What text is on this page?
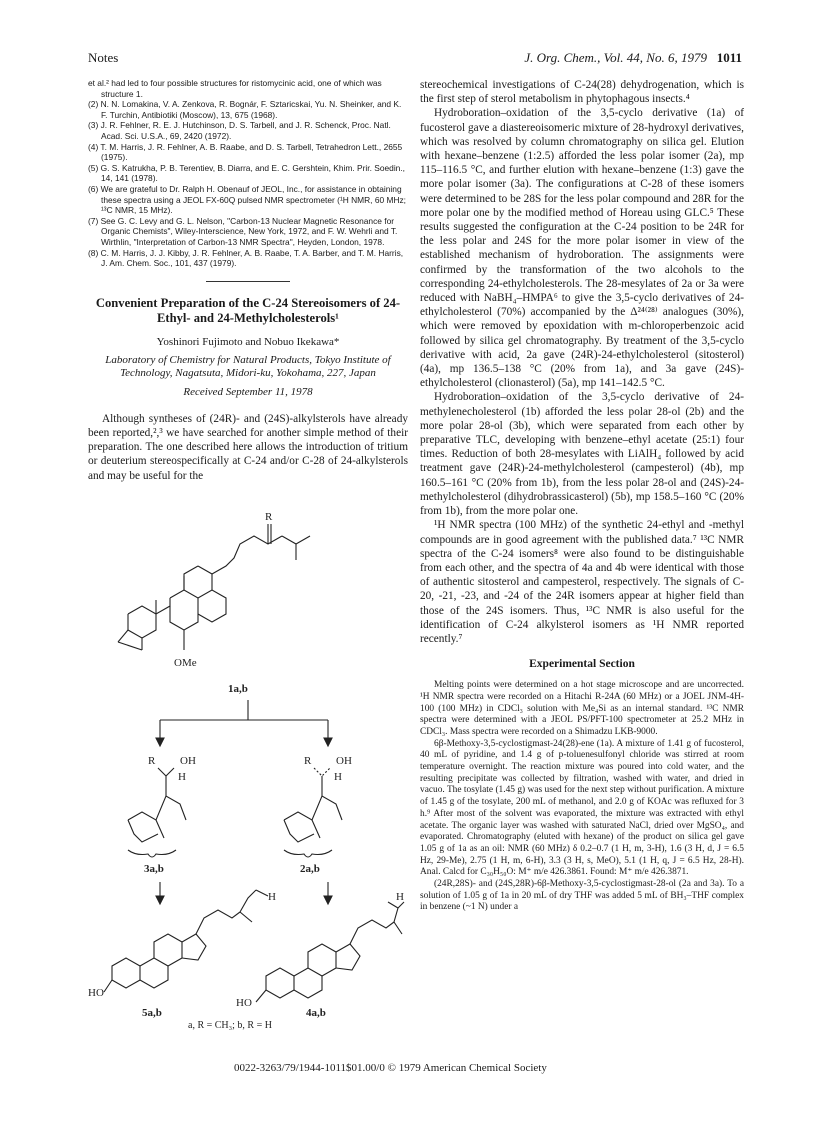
Notes	J. Org. Chem., Vol. 44, No. 6, 1979 1011
et al.² had led to four possible structures for ristomycinic acid, one of which was structure 1.
(2) N. N. Lomakina, V. A. Zenkova, R. Bognár, F. Sztaricskai, Yu. N. Sheinker, and K. F. Turchin, Antibiotiki (Moscow), 13, 675 (1968).
(3) J. R. Fehlner, R. E. J. Hutchinson, D. S. Tarbell, and J. R. Schenck, Proc. Natl. Acad. Sci. U.S.A., 69, 2420 (1972).
(4) T. M. Harris, J. R. Fehlner, A. B. Raabe, and D. S. Tarbell, Tetrahedron Lett., 2655 (1975).
(5) G. S. Katrukha, P. B. Terentiev, B. Diarra, and E. C. Gershtein, Khim. Prir. Soedin., 14, 141 (1978).
(6) We are grateful to Dr. Ralph H. Obenauf of JEOL, Inc., for assistance in obtaining these spectra using a JEOL FX-60Q pulsed NMR spectrometer (¹H NMR, 60 MHz; ¹³C NMR, 15 MHz).
(7) See G. C. Levy and G. L. Nelson, "Carbon-13 Nuclear Magnetic Resonance for Organic Chemists", Wiley-Interscience, New York, 1972, and F. W. Wehrli and T. Wirthlin, "Interpretation of Carbon-13 NMR Spectra", Heyden, London, 1978.
(8) C. M. Harris, J. J. Kibby, J. R. Fehlner, A. B. Raabe, T. A. Barber, and T. M. Harris, J. Am. Chem. Soc., 101, 437 (1979).
Convenient Preparation of the C-24 Stereoisomers of 24-Ethyl- and 24-Methylcholesterols¹
Yoshinori Fujimoto and Nobuo Ikekawa*
Laboratory of Chemistry for Natural Products, Tokyo Institute of Technology, Nagatsuta, Midori-ku, Yokohama, 227, Japan
Received September 11, 1978

Although syntheses of (24R)- and (24S)-alkylsterols have already been reported,²,³ we have searched for another simple method of their preparation. The one described here allows the introduction of tritium or deuterium stereospecifically at C-24 and/or C-28 of 24-alkylsterols and may be useful for the

R
OMe
1a,b
R OH
H
3a,b
R OH
H
2a,b
H
HO
5a,b
H
HO
4a,b
a, R = CH₃; b, R = H

stereochemical investigations of C-24(28) dehydrogenation, which is the first step of sterol metabolism in phytophagous insects.⁴

Hydroboration–oxidation of the 3,5-cyclo derivative (1a) of fucosterol gave a diastereoisomeric mixture of 28-hydroxyl derivatives, which was resolved by column chromatography on silica gel. Elution with hexane–benzene (1:2.5) afforded the less polar isomer (2a), mp 115–116.5 °C, and further elution with hexane–benzene (1:3) gave the more polar isomer (3a). The configurations at C-28 of these isomers were determined to be 28S for the less polar compound and 28R for the more polar one by the modified method of Horeau using GLC.⁵ These results suggested the configuration at the C-24 position to be 24R for the less polar and 24S for the more polar isomer in view of the established mechanism of hydroboration. The assignments were confirmed by the transformation of the two alcohols to the corresponding 24-ethylcholesterols. The 28-mesylates of 2a or 3a were reduced with NaBH₄–HMPA⁶ to give the 3,5-cyclo derivatives of 24-ethylcholesterol (70%) accompanied by the Δ²⁴⁽²⁸⁾ analogues (30%), which were removed by epoxidation with m-chloroperbenzoic acid followed by silica gel chromatography. By treatment of the 3,5-cyclo derivative with acid, 2a gave (24R)-24-ethylcholesterol (sitosterol) (4a), mp 136.5–138 °C (20% from 1a), and 3a gave (24S)-ethylcholesterol (clionasterol) (5a), mp 141–142.5 °C.

Hydroboration–oxidation of the 3,5-cyclo derivative of 24-methylenecholesterol (1b) afforded the less polar 28-ol (2b) and the more polar 28-ol (3b), which were separated from each other by preparative TLC, developing with benzene–ethyl acetate (25:1) four times. Reduction of both 28-mesylates with LiAlH₄ followed by acid treatment gave (24R)-24-methylcholesterol (campesterol) (4b), mp 160.5–161 °C (20% from 1b), from the less polar 28-ol and (24S)-24-methylcholesterol (dihydrobrassicasterol) (5b), mp 158.5–160 °C (20% from 1b), from the more polar one.

¹H NMR spectra (100 MHz) of the synthetic 24-ethyl and -methyl compounds are in good agreement with the published data.⁷ ¹³C NMR spectra of the C-24 isomers⁸ were also found to be distinguishable from each other, and the spectra of 4a and 4b were identical with those of authentic sitosterol and campesterol, respectively. The signals of C-20, -21, -23, and -24 of the 24R isomers appear at higher field than those of the 24S isomers. Thus, ¹³C NMR is also useful for the identification of C-24 alkylsterol isomers as ¹H NMR reported recently.⁷

Experimental Section

Melting points were determined on a hot stage microscope and are uncorrected. ¹H NMR spectra were recorded on a Hitachi R-24A (60 MHz) or a JOEL JNM-4H-100 (100 MHz) in CDCl₃ solution with Me₄Si as an internal standard. ¹³C NMR spectra were determined with a JEOL PS/PFT-100 spectrometer at 25.2 MHz in CDCl₃. Mass spectra were recorded on a Shimadzu LKB-9000.

6β-Methoxy-3,5-cyclostigmast-24(28)-ene (1a). A mixture of 1.41 g of fucosterol, 40 mL of pyridine, and 1.4 g of p-toluenesulfonyl chloride was stirred at room temperature overnight. The reaction mixture was poured into cold water, and the resulting precipitate was collected by filtration, washed with water, and dried in vacuo. The tosylate (1.45 g) was used for the next step without purification. A mixture of 1.45 g of the tosylate, 200 mL of methanol, and 2.0 g of KOAc was refluxed for 3 h.⁹ After most of the solvent was evaporated, the mixture was extracted with ethyl acetate. The organic layer was washed with saturated NaCl, dried over MgSO₄, and evaporated. Chromatography (eluted with hexane) of the product on silica gel gave 1.05 g of 1a as an oil: NMR (60 MHz) δ 0.2–0.7 (1 H, m, 3-H), 1.6 (3 H, d, J = 6.5 Hz, 29-Me), 2.75 (1 H, m, 6-H), 3.3 (3 H, s, MeO), 5.1 (1 H, q, J = 6.5 Hz, 28-H). Anal. Calcd for C₃₀H₅₀O: M⁺ m/e 426.3861. Found: M⁺ m/e 426.3871.

(24R,28S)- and (24S,28R)-6β-Methoxy-3,5-cyclostigmast-28-ol (2a and 3a). To a solution of 1.05 g of 1a in 20 mL of dry THF was added 5 mL of BH₃–THF complex in benzene (~1 N) under a

0022-3263/79/1944-1011$01.00/0 © 1979 American Chemical Society
